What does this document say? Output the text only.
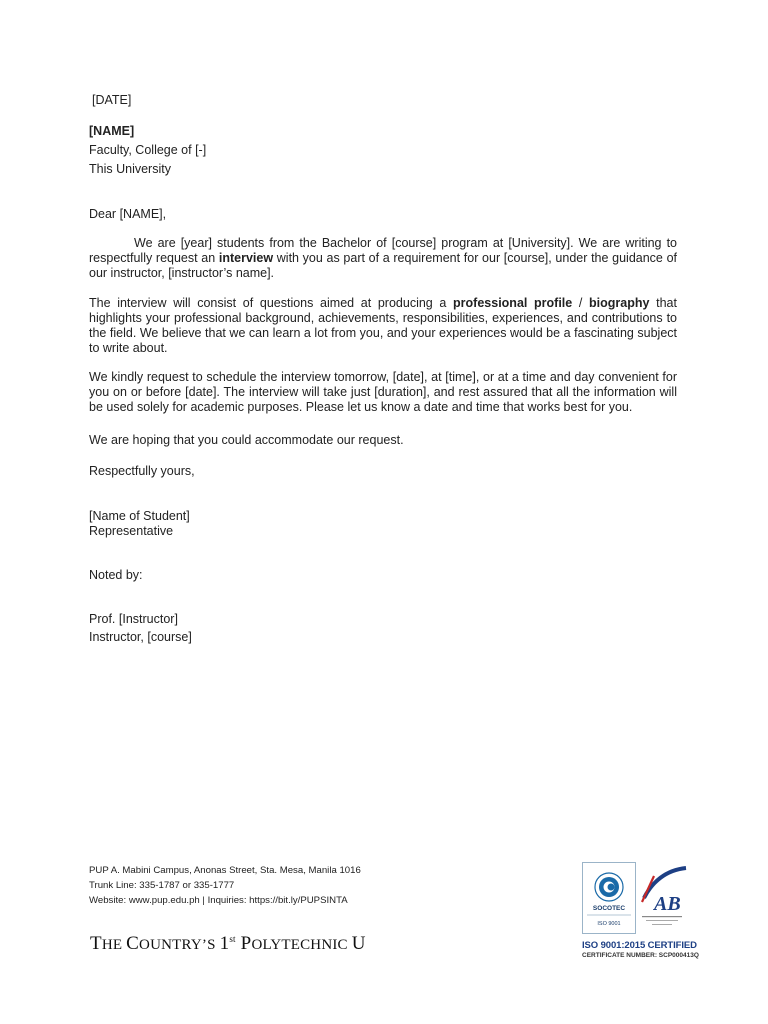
[DATE]
[NAME]
Faculty, College of [-]
This University
Dear [NAME],
We are [year] students from the Bachelor of [course] program at [University]. We are writing to respectfully request an interview with you as part of a requirement for our [course], under the guidance of our instructor, [instructor’s name].
The interview will consist of questions aimed at producing a professional profile / biography that highlights your professional background, achievements, responsibilities, experiences, and contributions to the field. We believe that we can learn a lot from you, and your experiences would be a fascinating subject to write about.
We kindly request to schedule the interview tomorrow, [date], at [time], or at a time and day convenient for you on or before [date]. The interview will take just [duration], and rest assured that all the information will be used solely for academic purposes. Please let us know a date and time that works best for you.
We are hoping that you could accommodate our request.
Respectfully yours,
[Name of Student]
Representative
Noted by:
Prof. [Instructor]
Instructor, [course]
PUP A. Mabini Campus, Anonas Street, Sta. Mesa, Manila 1016
Trunk Line: 335-1787 or 335-1777
Website: www.pup.edu.ph | Inquiries: https://bit.ly/PUPSINTA
THE COUNTRY’S 1st POLYTECHNIC U
SOCOTEC
ISO 9001
AB
ISO 9001:2015 CERTIFIED
CERTIFICATE NUMBER: SCP000413Q
